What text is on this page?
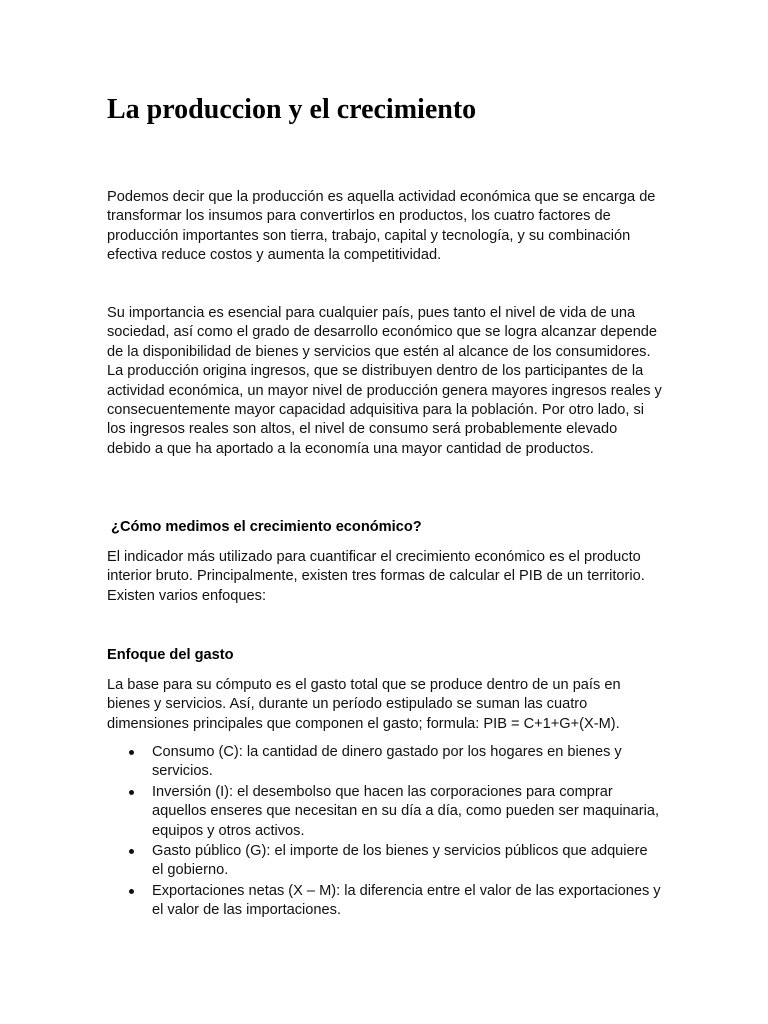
La produccion y el crecimiento

Podemos decir que la producción es aquella actividad económica que se encarga de transformar los insumos para convertirlos en productos, los cuatro factores de producción importantes son tierra, trabajo, capital y tecnología, y su combinación efectiva reduce costos y aumenta la competitividad.

Su importancia es esencial para cualquier país, pues tanto el nivel de vida de una sociedad, así como el grado de desarrollo económico que se logra alcanzar depende de la disponibilidad de bienes y servicios que estén al alcance de los consumidores. La producción origina ingresos, que se distribuyen dentro de los participantes de la actividad económica, un mayor nivel de producción genera mayores ingresos reales y consecuentemente mayor capacidad adquisitiva para la población. Por otro lado, si los ingresos reales son altos, el nivel de consumo será probablemente elevado debido a que ha aportado a la economía una mayor cantidad de productos.

¿Cómo medimos el crecimiento económico?

El indicador más utilizado para cuantificar el crecimiento económico es el producto interior bruto. Principalmente, existen tres formas de calcular el PIB de un territorio. Existen varios enfoques:

Enfoque del gasto

La base para su cómputo es el gasto total que se produce dentro de un país en bienes y servicios. Así, durante un período estipulado se suman las cuatro dimensiones principales que componen el gasto; formula: PIB = C+1+G+(X-M).

Consumo (C): la cantidad de dinero gastado por los hogares en bienes y servicios.
Inversión (I): el desembolso que hacen las corporaciones para comprar aquellos enseres que necesitan en su día a día, como pueden ser maquinaria, equipos y otros activos.
Gasto público (G): el importe de los bienes y servicios públicos que adquiere el gobierno.
Exportaciones netas (X – M): la diferencia entre el valor de las exportaciones y el valor de las importaciones.
